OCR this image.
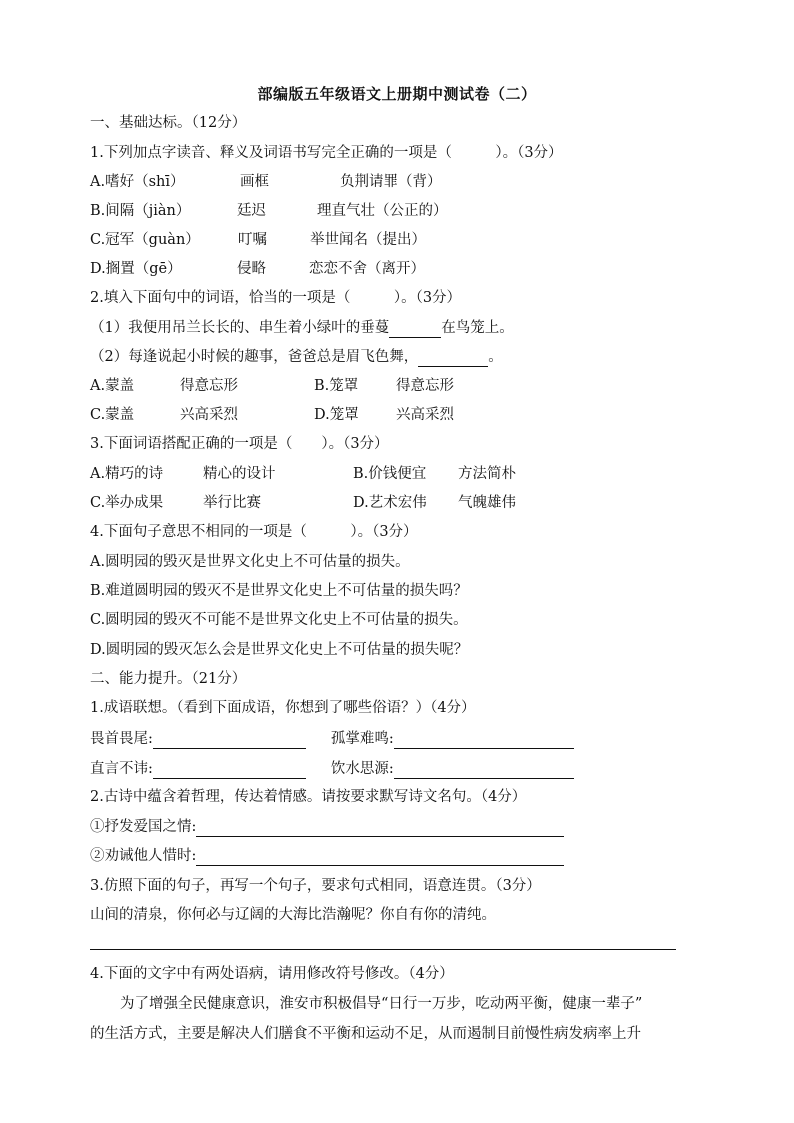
部编版五年级语文上册期中测试卷（二）
一、基础达标。（12分）
1.下列加点字读音、释义及词语书写完全正确的一项是（　　　）。（3分）
A.嗜好（shī）	画框	负荆请罪（背）
B.间隔（jiàn）	廷迟	理直气壮（公正的）
C.冠军（guàn）	叮嘱	举世闻名（提出）
D.搁置（gē）	侵略	恋恋不舍（离开）
2.填入下面句中的词语，恰当的一项是（　　　）。（3分）
（1）我便用吊兰长长的、串生着小绿叶的垂蔓	在鸟笼上。
（2）每逢说起小时候的趣事，爸爸总是眉飞色舞，	。
A.蒙盖	得意忘形	B.笼罩	得意忘形
C.蒙盖	兴高采烈	D.笼罩	兴高采烈
3.下面词语搭配正确的一项是（　　）。（3分）
A.精巧的诗	精心的设计	B.价钱便宜 方法简朴
C.举办成果	举行比赛	D.艺术宏伟 气魄雄伟
4.下面句子意思不相同的一项是（　　　）。（3分）
A.圆明园的毁灭是世界文化史上不可估量的损失。
B.难道圆明园的毁灭不是世界文化史上不可估量的损失吗？
C.圆明园的毁灭不可能不是世界文化史上不可估量的损失。
D.圆明园的毁灭怎么会是世界文化史上不可估量的损失呢？
二、能力提升。（21分）
1.成语联想。（看到下面成语，你想到了哪些俗语？）（4分）
畏首畏尾:	孤掌难鸣:
直言不讳:	饮水思源:
2.古诗中蕴含着哲理，传达着情感。请按要求默写诗文名句。（4分）
①抒发爱国之情:
②劝诫他人惜时:
3.仿照下面的句子，再写一个句子，要求句式相同，语意连贯。（3分）
山间的清泉，你何必与辽阔的大海比浩瀚呢？你自有你的清纯。
4.下面的文字中有两处语病，请用修改符号修改。（4分）
为了增强全民健康意识，淮安市积极倡导“日行一万步，吃动两平衡，健康一辈子”
的生活方式，主要是解决人们膳食不平衡和运动不足，从而遏制目前慢性病发病率上升
